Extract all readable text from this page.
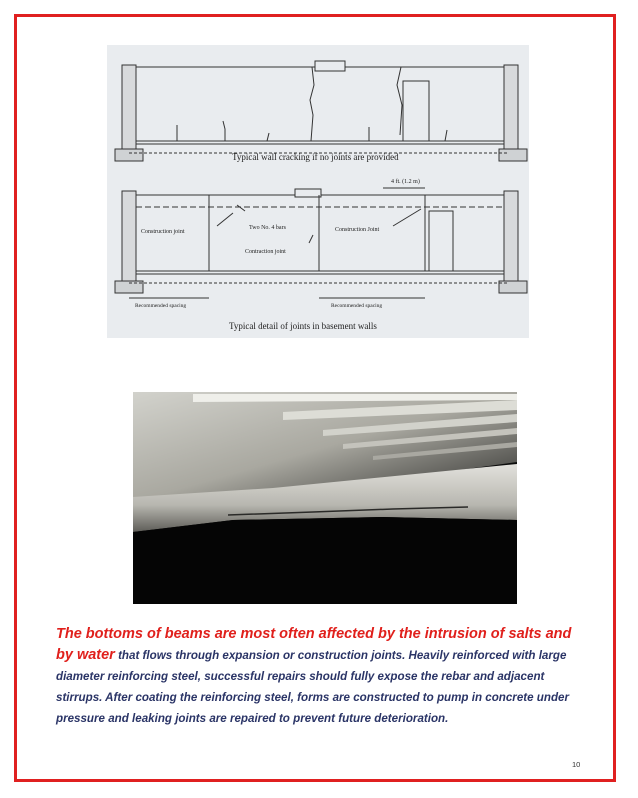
Typical wall cracking if no joints are provided
4 ft. (1.2 m)
Construction joint
Two No. 4 bars
Contraction joint
Construction Joint
Recommended spacing	Recommended spacing
Typical detail of joints in basement walls
The bottoms of beams are most often affected by the intrusion of salts and by water that flows through expansion or construction joints. Heavily reinforced with large diameter reinforcing steel, successful repairs should fully expose the rebar and adjacent stirrups. After coating the reinforcing steel, forms are constructed to pump in concrete under pressure and leaking joints are repaired to prevent future deterioration.
10
